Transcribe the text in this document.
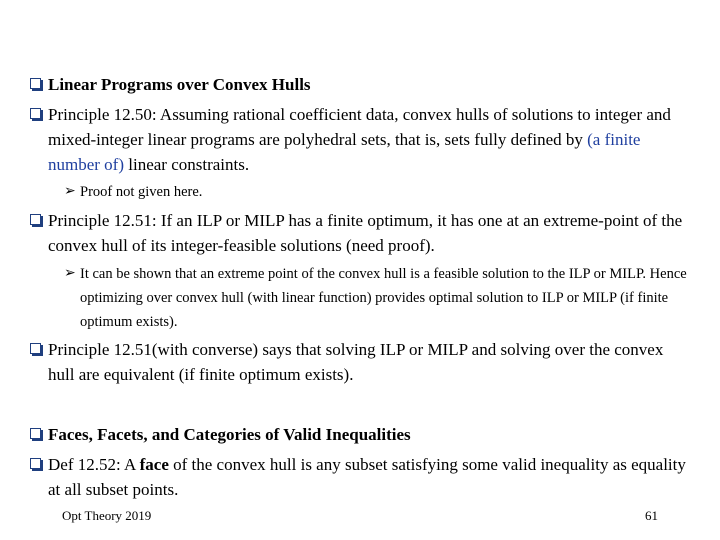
Linear Programs over Convex Hulls
Principle 12.50: Assuming rational coefficient data, convex hulls of solutions to integer and mixed-integer linear programs are polyhedral sets, that is, sets fully defined by (a finite number of) linear constraints.
➢ Proof not given here.
Principle 12.51: If an ILP or MILP has a finite optimum, it has one at an extreme-point of the convex hull of its integer-feasible solutions (need proof).
➢ It can be shown that an extreme point of the convex hull is a feasible solution to the ILP or MILP. Hence optimizing over convex hull (with linear function) provides optimal solution to ILP or MILP (if finite optimum exists).
Principle 12.51(with converse) says that solving ILP or MILP and solving over the convex hull are equivalent (if finite optimum exists).
Faces, Facets, and Categories of Valid Inequalities
Def 12.52: A face of the convex hull is any subset satisfying some valid inequality as equality at all subset points.
Opt Theory 2019	61
